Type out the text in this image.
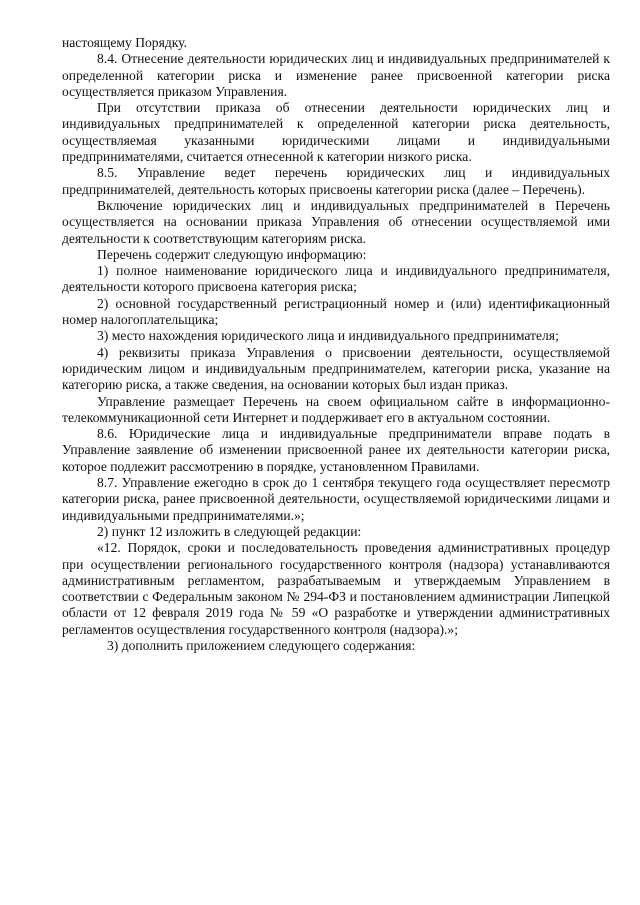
настоящему Порядку.

8.4. Отнесение деятельности юридических лиц и индивидуальных предпринимателей к определенной категории риска и изменение ранее присвоенной категории риска осуществляется приказом Управления.

При отсутствии приказа об отнесении деятельности юридических лиц и индивидуальных предпринимателей к определенной категории риска деятельность, осуществляемая указанными юридическими лицами и индивидуальными предпринимателями, считается отнесенной к категории низкого риска.

8.5. Управление ведет перечень юридических лиц и индивидуальных предпринимателей, деятельность которых присвоены категории риска (далее – Перечень).

Включение юридических лиц и индивидуальных предпринимателей в Перечень осуществляется на основании приказа Управления об отнесении осуществляемой ими деятельности к соответствующим категориям риска.

Перечень содержит следующую информацию:

1) полное наименование юридического лица и индивидуального предпринимателя, деятельности которого присвоена категория риска;

2) основной государственный регистрационный номер и (или) идентификационный номер налогоплательщика;

3) место нахождения юридического лица и индивидуального предпринимателя;

4) реквизиты приказа Управления о присвоении деятельности, осуществляемой юридическим лицом и индивидуальным предпринимателем, категории риска, указание на категорию риска, а также сведения, на основании которых был издан приказ.

Управление размещает Перечень на своем официальном сайте в информационно-телекоммуникационной сети Интернет и поддерживает его в актуальном состоянии.

8.6. Юридические лица и индивидуальные предприниматели вправе подать в Управление заявление об изменении присвоенной ранее их деятельности категории риска, которое подлежит рассмотрению в порядке, установленном Правилами.

8.7. Управление ежегодно в срок до 1 сентября текущего года осуществляет пересмотр категории риска, ранее присвоенной деятельности, осуществляемой юридическими лицами и индивидуальными предпринимателями.»;

2) пункт 12 изложить в следующей редакции:

«12. Порядок, сроки и последовательность проведения административных процедур при осуществлении регионального государственного контроля (надзора) устанавливаются административным регламентом, разрабатываемым и утверждаемым Управлением в соответствии с Федеральным законом № 294-ФЗ и постановлением администрации Липецкой области от 12 февраля 2019 года № 59 «О разработке и утверждении административных регламентов осуществления государственного контроля (надзора).»;

3) дополнить приложением следующего содержания:
